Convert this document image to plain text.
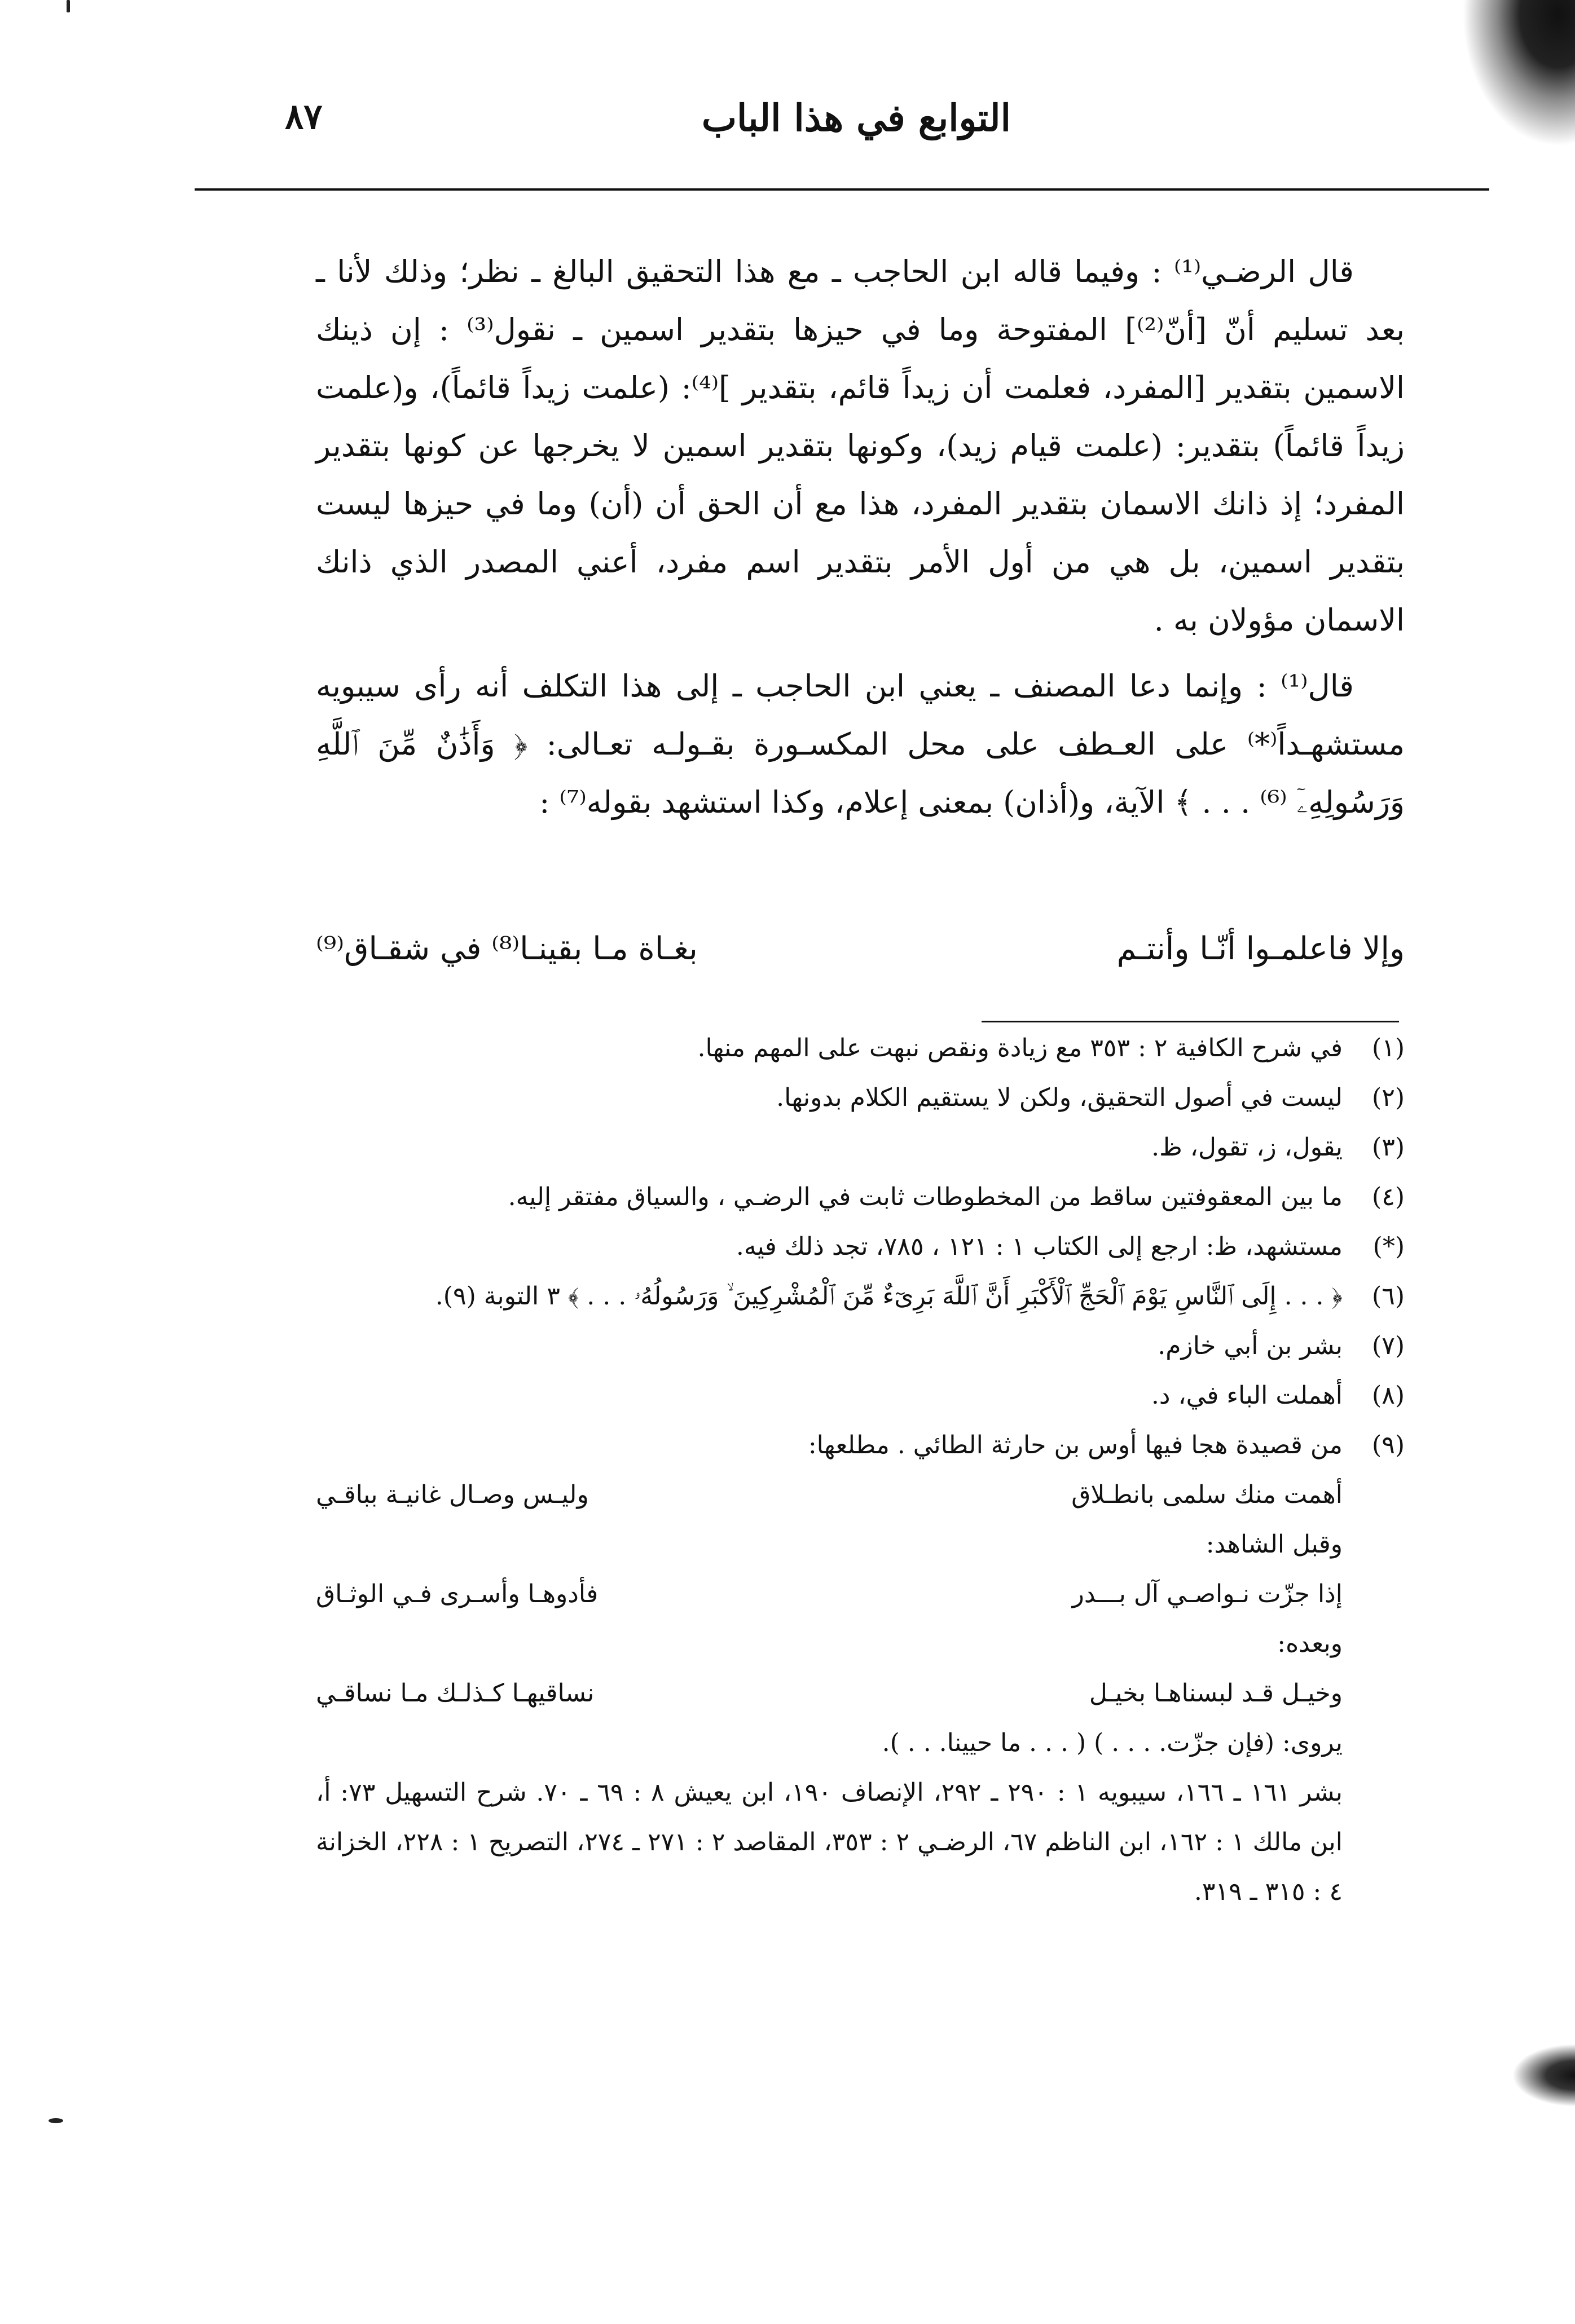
التوابع في هذا الباب
٨٧

قال الرضـي⁽¹⁾ : وفيما قاله ابن الحاجب ـ مع هذا التحقيق البالغ ـ نظر؛ وذلك لأنا ـ بعد تسليم أنّ [أنّ⁽²⁾] المفتوحة وما في حيزها بتقدير اسمين ـ نقول⁽³⁾ : إن ذينك الاسمين بتقدير [المفرد، فعلمت أن زيداً قائم، بتقدير ]⁽⁴⁾: (علمت زيداً قائماً)، و(علمت زيداً قائماً) بتقدير: (علمت قيام زيد)، وكونها بتقدير اسمين لا يخرجها عن كونها بتقدير المفرد؛ إذ ذانك الاسمان بتقدير المفرد، هذا مع أن الحق أن (أن) وما في حيزها ليست بتقدير اسمين، بل هي من أول الأمر بتقدير اسم مفرد، أعني المصدر الذي ذانك الاسمان مؤولان به .

قال⁽¹⁾ : وإنما دعا المصنف ـ يعني ابن الحاجب ـ إلى هذا التكلف أنه رأى سيبويه مستشهـداً⁽*⁾ على العـطف على محل المكسـورة بقـولـه تعـالى: ﴿ وَأَذَٰنٌ مِّنَ ٱللَّهِ وَرَسُولِهِۦٓ ⁽⁶⁾ . . . ﴾ الآية، و(أذان) بمعنى إعلام، وكذا استشهد بقوله⁽⁷⁾ :

وإلا فاعلمـوا أنّـا وأنتـم
بغـاة مـا بقينـا⁽⁸⁾ في شقـاق⁽⁹⁾
(١)
في شرح الكافية ٢ : ٣٥٣ مع زيادة ونقص نبهت على المهم منها.
(٢)
ليست في أصول التحقيق، ولكن لا يستقيم الكلام بدونها.
(٣)
يقول، ز، تقول، ظ.
(٤)
ما بين المعقوفتين ساقط من المخطوطات ثابت في الرضـي ، والسياق مفتقر إليه.
(*)
مستشهد، ظ: ارجع إلى الكتاب ١ : ١٢١ ، ٧٨٥، تجد ذلك فيه.
(٦)
﴿ . . . إِلَى ٱلنَّاسِ يَوْمَ ٱلْحَجِّ ٱلْأَكْبَرِ أَنَّ ٱللَّهَ بَرِىٓءٌ مِّنَ ٱلْمُشْرِكِينَ ۙ وَرَسُولُهُۥ . . . ﴾ ٣ التوبة (٩).
(٧)
بشر بن أبي خازم.
(٨)
أهملت الباء في، د.
(٩)
من قصيدة هجا فيها أوس بن حارثة الطائي . مطلعها:
أهمت منك سلمى بانطـلاق
وليـس وصـال غانيـة بباقـي
وقبل الشاهد:
إذا جزّت نـواصـي آل بـــدر
فأدوهـا وأسـرى فـي الوثـاق
وبعده:
وخيـل قـد لبسناهـا بخيـل
نساقيهـا كـذلـك مـا نساقـي
يروى: (فإن جزّت. . . . ) ( . . . ما حيينا. . . ).
بشر ١٦١ ـ ١٦٦، سيبويه ١ : ٢٩٠ ـ ٢٩٢، الإنصاف ١٩٠، ابن يعيش ٨ : ٦٩ ـ ٧٠. شرح التسهيل ٧٣: أ، ابن مالك ١ : ١٦٢، ابن الناظم ٦٧، الرضـي ٢ : ٣٥٣، المقاصد ٢ : ٢٧١ ـ ٢٧٤، التصريح ١ : ٢٢٨، الخزانة ٤ : ٣١٥ ـ ٣١٩.
